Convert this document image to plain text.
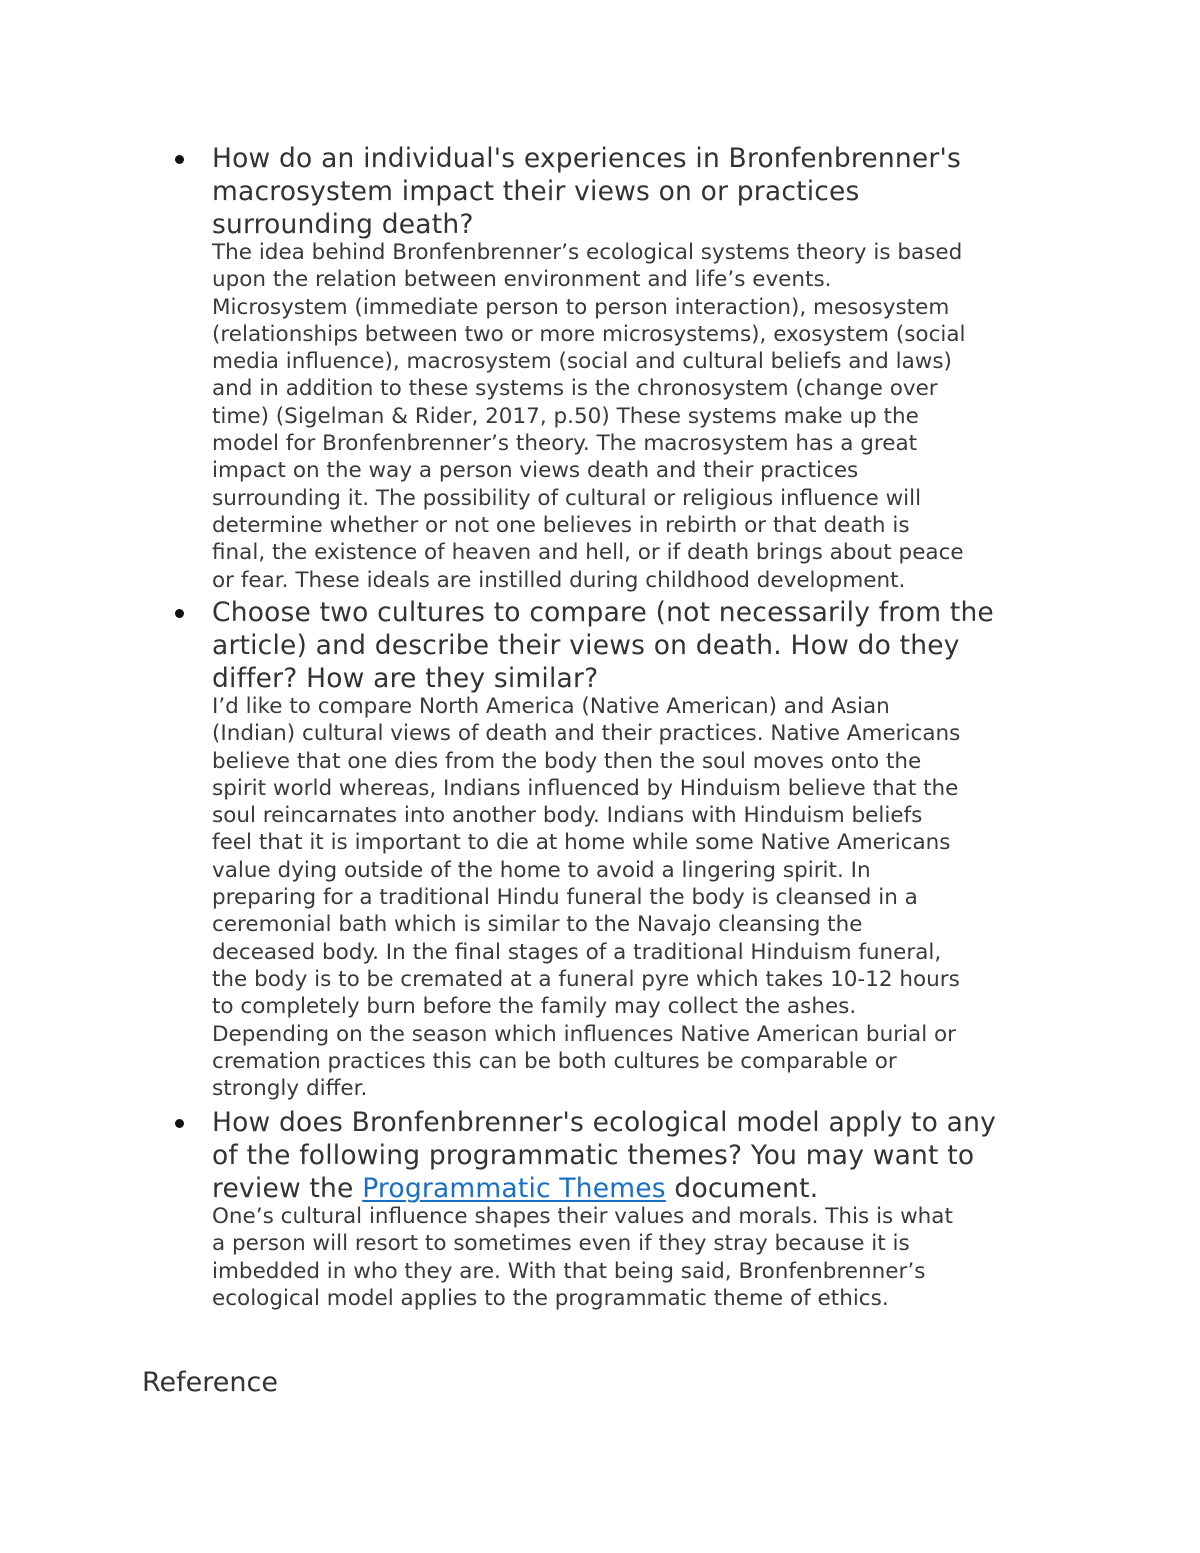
How do an individual's experiences in Bronfenbrenner's
macrosystem impact their views on or practices
surrounding death?
The idea behind Bronfenbrenner’s ecological systems theory is based
upon the relation between environment and life’s events.
Microsystem (immediate person to person interaction), mesosystem
(relationships between two or more microsystems), exosystem (social
media influence), macrosystem (social and cultural beliefs and laws)
and in addition to these systems is the chronosystem (change over
time) (Sigelman & Rider, 2017, p.50) These systems make up the
model for Bronfenbrenner’s theory. The macrosystem has a great
impact on the way a person views death and their practices
surrounding it. The possibility of cultural or religious influence will
determine whether or not one believes in rebirth or that death is
final, the existence of heaven and hell, or if death brings about peace
or fear. These ideals are instilled during childhood development.
Choose two cultures to compare (not necessarily from the
article) and describe their views on death. How do they
differ? How are they similar?
I’d like to compare North America (Native American) and Asian
(Indian) cultural views of death and their practices. Native Americans
believe that one dies from the body then the soul moves onto the
spirit world whereas, Indians influenced by Hinduism believe that the
soul reincarnates into another body. Indians with Hinduism beliefs
feel that it is important to die at home while some Native Americans
value dying outside of the home to avoid a lingering spirit. In
preparing for a traditional Hindu funeral the body is cleansed in a
ceremonial bath which is similar to the Navajo cleansing the
deceased body. In the final stages of a traditional Hinduism funeral,
the body is to be cremated at a funeral pyre which takes 10-12 hours
to completely burn before the family may collect the ashes.
Depending on the season which influences Native American burial or
cremation practices this can be both cultures be comparable or
strongly differ.
How does Bronfenbrenner's ecological model apply to any
of the following programmatic themes? You may want to
review the Programmatic Themes document.
One’s cultural influence shapes their values and morals. This is what
a person will resort to sometimes even if they stray because it is
imbedded in who they are. With that being said, Bronfenbrenner’s
ecological model applies to the programmatic theme of ethics.
Reference
